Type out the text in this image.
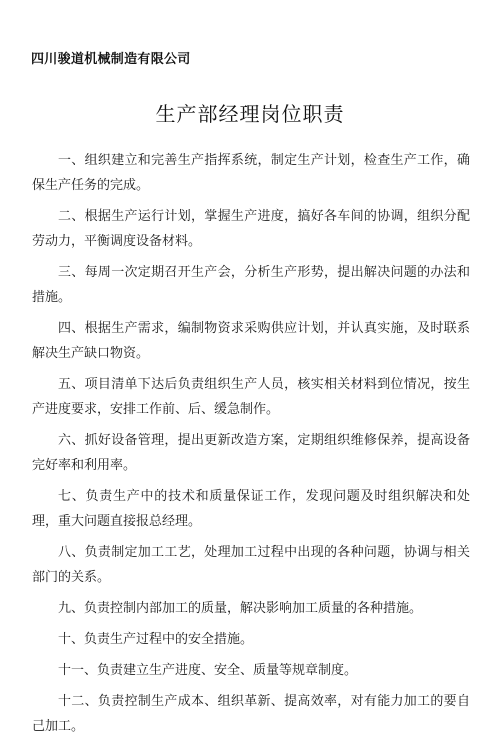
四川骏道机械制造有限公司
生产部经理岗位职责

一、组织建立和完善生产指挥系统，制定生产计划，检查生产工作，确保生产任务的完成。

二、根据生产运行计划，掌握生产进度，搞好各车间的协调，组织分配劳动力，平衡调度设备材料。

三、每周一次定期召开生产会，分析生产形势，提出解决问题的办法和措施。

四、根据生产需求，编制物资求采购供应计划，并认真实施，及时联系解决生产缺口物资。

五、项目清单下达后负责组织生产人员，核实相关材料到位情况，按生产进度要求，安排工作前、后、缓急制作。

六、抓好设备管理，提出更新改造方案，定期组织维修保养，提高设备完好率和利用率。

七、负责生产中的技术和质量保证工作，发现问题及时组织解决和处理，重大问题直接报总经理。

八、负责制定加工工艺，处理加工过程中出现的各种问题，协调与相关部门的关系。

九、负责控制内部加工的质量，解决影响加工质量的各种措施。

十、负责生产过程中的安全措施。

十一、负责建立生产进度、安全、质量等规章制度。

十二、负责控制生产成本、组织革新、提高效率，对有能力加工的要自己加工。
